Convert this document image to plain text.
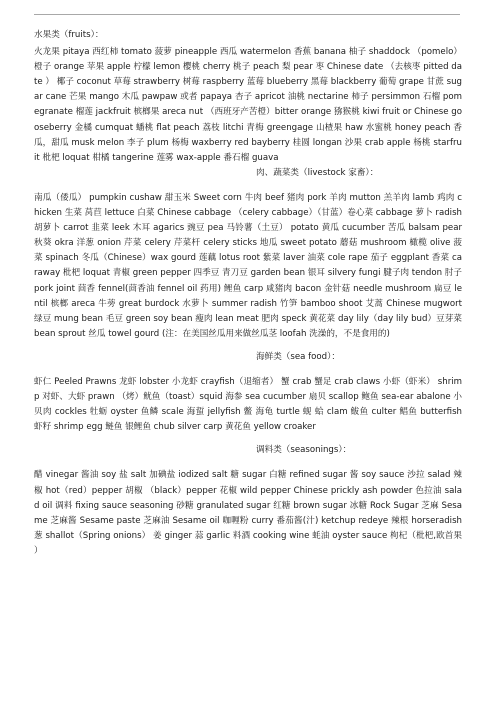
水果类（fruits）：
火龙果 pitaya 西红柿 tomato 菠萝 pineapple 西瓜 watermelon 香蕉 banana 柚子 shaddock （pomelo） 橙子 orange 苹果 apple 柠檬 lemon 樱桃 cherry 桃子 peach 梨 pear 枣 Chinese date （去核枣 pitted date ） 椰子 coconut 草莓 strawberry 树莓 raspberry 蓝莓 blueberry 黑莓 blackberry 葡萄 grape 甘蔗 sugar cane 芒果 mango 木瓜 pawpaw 或者 papaya 杏子 apricot 油桃 nectarine 柿子 persimmon 石榴 pomegranate 榴莲 jackfruit 槟榔果 areca nut （西班牙产苦橙）bitter orange 猕猴桃 kiwi fruit or Chinese gooseberry 金橘 cumquat 蟠桃 flat peach 荔枝 litchi 青梅 greengage 山楂果 haw 水蜜桃 honey peach 香瓜，甜瓜 musk melon 李子 plum 杨梅 waxberry red bayberry 桂圆 longan 沙果 crab apple 杨桃 starfruit 枇杷 loquat 柑橘 tangerine 莲雾 wax-apple 番石榴 guava
肉、蔬菜类（livestock 家畜）：
南瓜（倭瓜） pumpkin cushaw 甜玉米 Sweet corn 牛肉 beef 猪肉 pork 羊肉 mutton 羔羊肉 lamb 鸡肉 chicken 生菜 莴苣 lettuce 白菜 Chinese cabbage （celery cabbage）（甘蓝）卷心菜 cabbage 萝卜 radish 胡萝卜 carrot 韭菜 leek 木耳 agarics 豌豆 pea 马铃薯（土豆） potato 黄瓜 cucumber 苦瓜 balsam pear 秋葵 okra 洋葱 onion 芹菜 celery 芹菜杆 celery sticks 地瓜 sweet potato 蘑菇 mushroom 橄榄 olive 菠菜 spinach 冬瓜（Chinese）wax gourd 莲藕 lotus root 紫菜 laver 油菜 cole rape 茄子 eggplant 香菜 caraway 枇杷 loquat 青椒 green pepper 四季豆 青刀豆 garden bean 银耳 silvery fungi 腱子肉 tendon 肘子 pork joint 茴香 fennel(茴香油 fennel oil 药用) 鲤鱼 carp 咸猪肉 bacon 金针菇 needle mushroom 扁豆 lentil 槟榔 areca 牛蒡 great burdock 水萝卜 summer radish 竹笋 bamboo shoot 艾蒿 Chinese mugwort 绿豆 mung bean 毛豆 green soy bean 瘦肉 lean meat 肥肉 speck 黄花菜 day lily（day lily bud）豆芽菜 bean sprout 丝瓜 towel gourd (注：在美国丝瓜用来做丝瓜茎 loofah 洗澡的，不是食用的)
海鲜类（sea food）：
虾仁 Peeled Prawns 龙虾 lobster 小龙虾 crayfish（退缩者） 蟹 crab 蟹足 crab claws 小虾（虾米） shrimp 对虾、大虾 prawn （烤）鱿鱼（toast）squid 海参 sea cucumber 扇贝 scallop 鲍鱼 sea-ear abalone 小贝肉 cockles 牡蛎 oyster 鱼鳞 scale 海蜇 jellyfish 鳖 海龟 turtle 蚬 蛤 clam 鲅鱼 culter 鲳鱼 butterfish 虾籽 shrimp egg 鲢鱼 银鲤鱼 chub silver carp 黄花鱼 yellow croaker
调料类（seasonings）：
醋 vinegar 酱油 soy 盐 salt 加碘盐 iodized salt 糖 sugar 白糖 refined sugar 酱 soy sauce 沙拉 salad 辣椒 hot（red）pepper 胡椒 （black）pepper 花椒 wild pepper Chinese prickly ash powder 色拉油 salad oil 调料 fixing sauce seasoning 砂糖 granulated sugar 红糖 brown sugar 冰糖 Rock Sugar 芝麻 Sesame 芝麻酱 Sesame paste 芝麻油 Sesame oil 咖喱粉 curry 番茄酱(汁) ketchup redeye 辣根 horseradish 葱 shallot（Spring onions） 姜 ginger 蒜 garlic 料酒 cooking wine 蚝油 oyster sauce 枸杞（枇杷,欧首果 ）
